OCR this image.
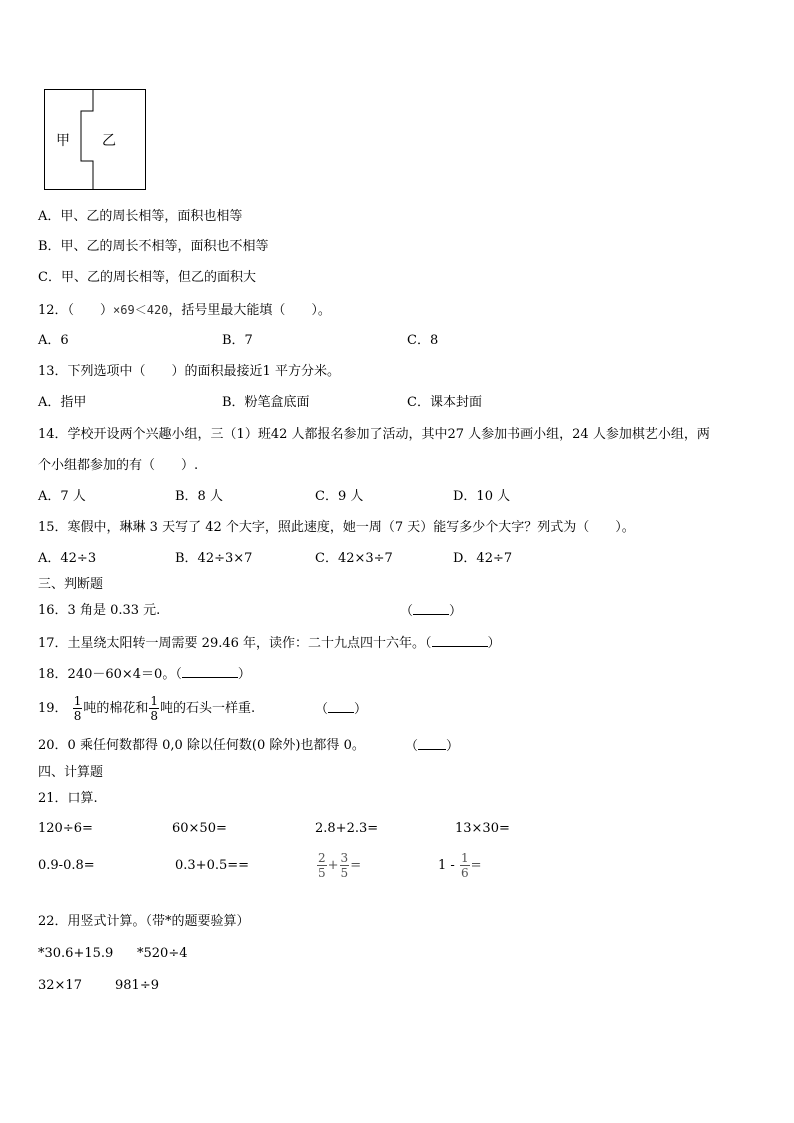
甲 乙
A．甲、乙的周长相等，面积也相等
B．甲、乙的周长不相等，面积也不相等
C．甲、乙的周长相等，但乙的面积大
12．（　　）×69＜420，括号里最大能填（　　）。
A．6	B．7	C．8
13．下列选项中（　　）的面积最接近1 平方分米。
A．指甲	B．粉笔盒底面	C．课本封面
14．学校开设两个兴趣小组，三（1）班42 人都报名参加了活动，其中27 人参加书画小组，24 人参加棋艺小组，两
个小组都参加的有（　　）.
A．7 人	B．8 人	C．9 人	D．10 人
15．寒假中，琳琳 3 天写了 42 个大字，照此速度，她一周（7 天）能写多少个大字？列式为（　　）。
A．42÷3	B．42÷3×7	C．42×3÷7	D．42÷7
三、判断题
16．3 角是 0.33 元.	（	）
17．土星绕太阳转一周需要 29.46 年，读作：二十九点四十六年。（	）
18．240－60×4＝0。（	）
19． $\frac{1}{8}$ 吨的棉花和 $\frac{1}{8}$ 吨的石头一样重.	（ ）
20．0 乘任何数都得 0,0 除以任何数(0 除外)也都得 0。	（ ）
四、计算题
21．口算.
120÷6=	60×50=	2.8+2.3=	13×30=
0.9-0.8=	0.3+0.5==	$\frac{2}{5} + \frac{3}{5}$ =	$1 - \frac{1}{6}$ =
22．用竖式计算。（带*的题要验算）
*30.6+15.9 *520÷4
32×17	981÷9
